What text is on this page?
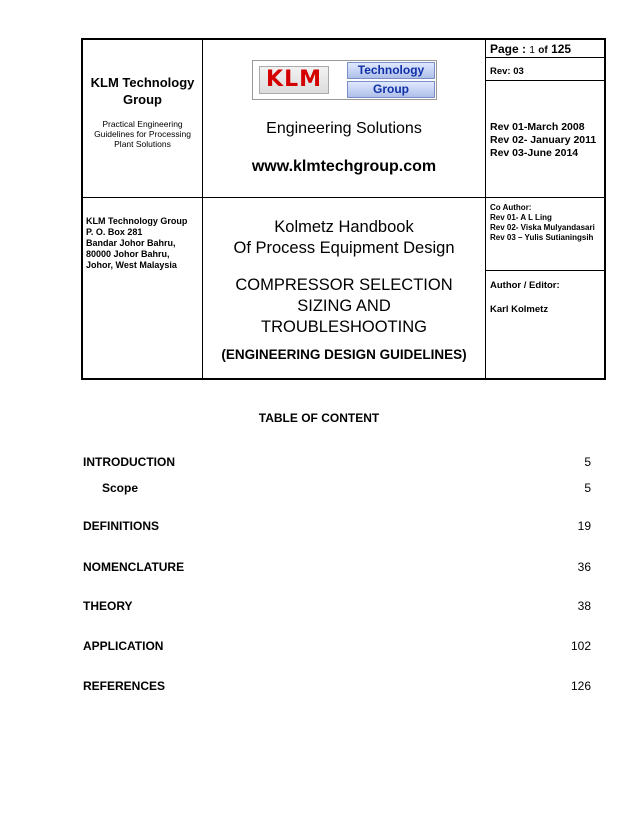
KLM Technology Group
Practical Engineering Guidelines for Processing Plant Solutions
KLM Technology Group
P. O. Box 281
Bandar Johor Bahru,
80000 Johor Bahru,
Johor, West Malaysia
KLM	Technology
Group
Engineering Solutions
www.klmtechgroup.com
Kolmetz Handbook
Of Process Equipment Design
COMPRESSOR SELECTION
SIZING AND
TROUBLESHOOTING
(ENGINEERING DESIGN GUIDELINES)
Page : 1 of 125
Rev: 03
Rev 01-March 2008
Rev 02- January 2011
Rev 03-June 2014
Co Author:
Rev 01- A L Ling
Rev 02- Viska Mulyandasari
Rev 03 – Yulis Sutianingsih
Author / Editor:
Karl Kolmetz
TABLE OF CONTENT
INTRODUCTION	5
Scope	5
DEFINITIONS	19
NOMENCLATURE	36
THEORY	38
APPLICATION	102
REFERENCES	126
